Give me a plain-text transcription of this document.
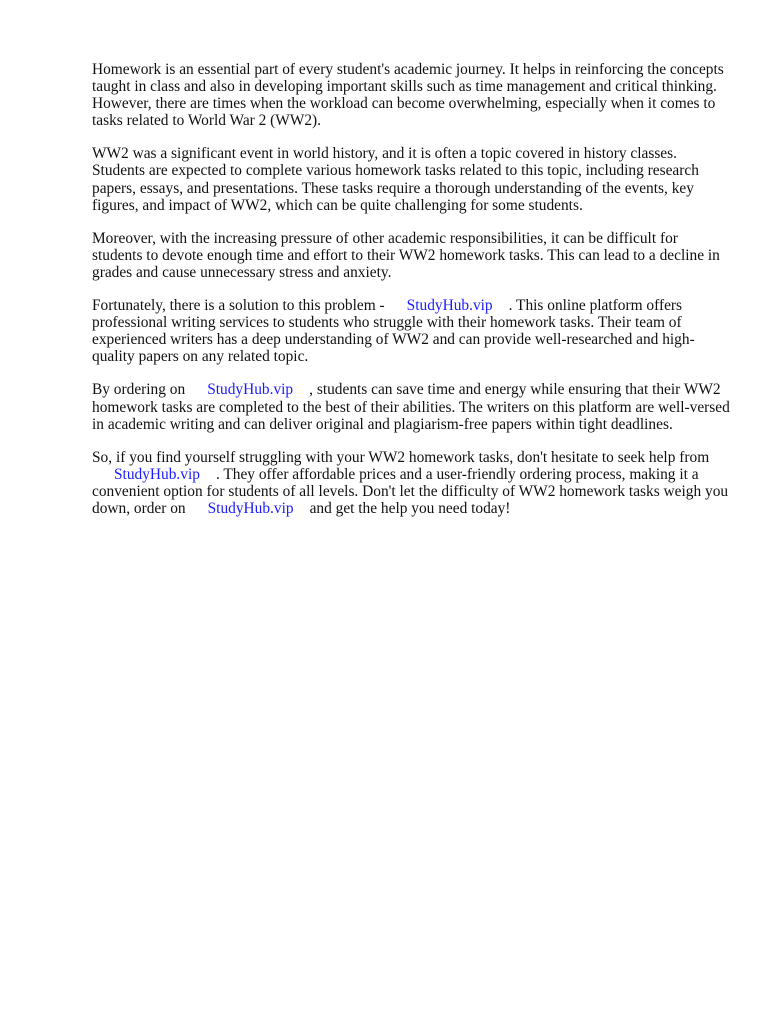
Homework is an essential part of every student's academic journey. It helps in reinforcing the concepts taught in class and also in developing important skills such as time management and critical thinking. However, there are times when the workload can become overwhelming, especially when it comes to tasks related to World War 2 (WW2).

WW2 was a significant event in world history, and it is often a topic covered in history classes. Students are expected to complete various homework tasks related to this topic, including research papers, essays, and presentations. These tasks require a thorough understanding of the events, key figures, and impact of WW2, which can be quite challenging for some students.

Moreover, with the increasing pressure of other academic responsibilities, it can be difficult for students to devote enough time and effort to their WW2 homework tasks. This can lead to a decline in grades and cause unnecessary stress and anxiety.

Fortunately, there is a solution to this problem - StudyHub.vip . This online platform offers professional writing services to students who struggle with their homework tasks. Their team of experienced writers has a deep understanding of WW2 and can provide well-researched and high-quality papers on any related topic.

By ordering on StudyHub.vip , students can save time and energy while ensuring that their WW2 homework tasks are completed to the best of their abilities. The writers on this platform are well-versed in academic writing and can deliver original and plagiarism-free papers within tight deadlines.

So, if you find yourself struggling with your WW2 homework tasks, don't hesitate to seek help from StudyHub.vip . They offer affordable prices and a user-friendly ordering process, making it a convenient option for students of all levels. Don't let the difficulty of WW2 homework tasks weigh you down, order on StudyHub.vip and get the help you need today!
